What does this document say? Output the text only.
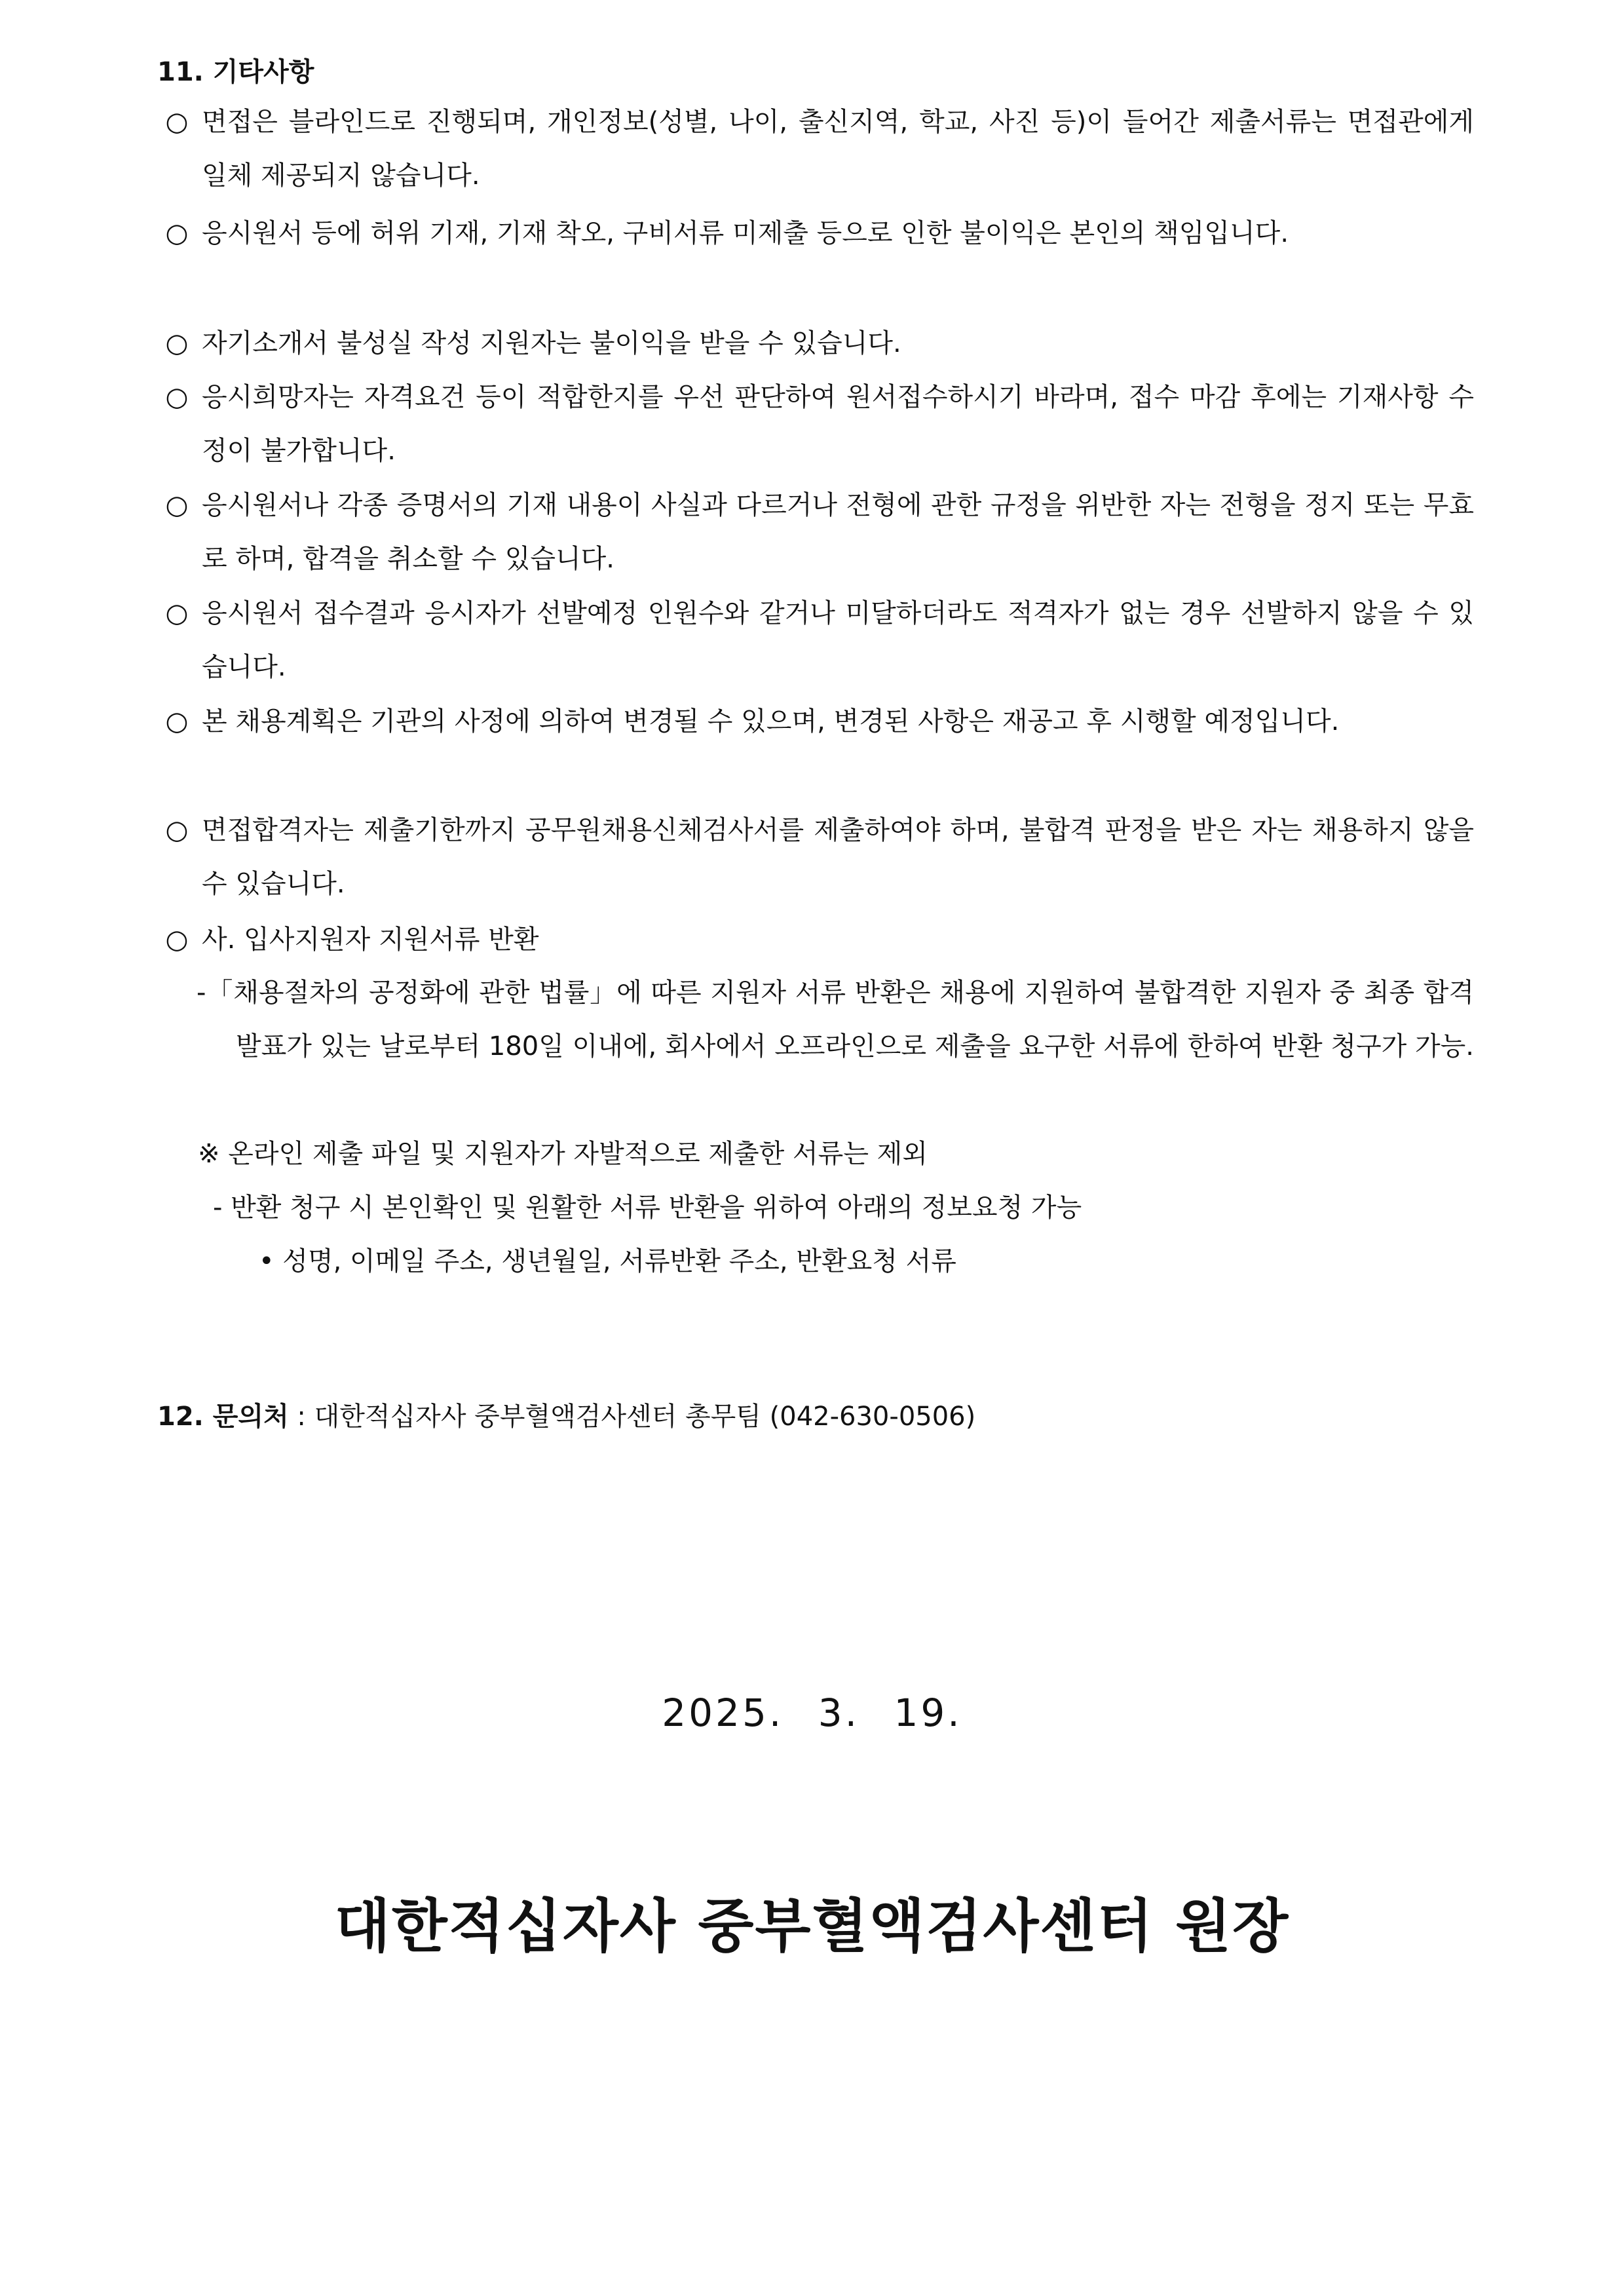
11. 기타사항
○ 면접은 블라인드로 진행되며, 개인정보(성별, 나이, 출신지역, 학교, 사진 등)이 들어간 제출서류는 면접관에게 일체 제공되지 않습니다.
○ 응시원서 등에 허위 기재, 기재 착오, 구비서류 미제출 등으로 인한 불이익은 본인의 책임입니다.
○ 자기소개서 불성실 작성 지원자는 불이익을 받을 수 있습니다.
○ 응시희망자는 자격요건 등이 적합한지를 우선 판단하여 원서접수하시기 바라며, 접수 마감 후에는 기재사항 수정이 불가합니다.
○ 응시원서나 각종 증명서의 기재 내용이 사실과 다르거나 전형에 관한 규정을 위반한 자는 전형을 정지 또는 무효로 하며, 합격을 취소할 수 있습니다.
○ 응시원서 접수결과 응시자가 선발예정 인원수와 같거나 미달하더라도 적격자가 없는 경우 선발하지 않을 수 있습니다.
○ 본 채용계획은 기관의 사정에 의하여 변경될 수 있으며, 변경된 사항은 재공고 후 시행할 예정입니다.
○ 면접합격자는 제출기한까지 공무원채용신체검사서를 제출하여야 하며, 불합격 판정을 받은 자는 채용하지 않을 수 있습니다.
○ 사. 입사지원자 지원서류 반환
-「채용절차의 공정화에 관한 법률」에 따른 지원자 서류 반환은 채용에 지원하여 불합격한 지원자 중 최종 합격 발표가 있는 날로부터 180일 이내에, 회사에서 오프라인으로 제출을 요구한 서류에 한하여 반환 청구가 가능.
※ 온라인 제출 파일 및 지원자가 자발적으로 제출한 서류는 제외
- 반환 청구 시 본인확인 및 원활한 서류 반환을 위하여 아래의 정보요청 가능
• 성명, 이메일 주소, 생년월일, 서류반환 주소, 반환요청 서류
12. 문의처 : 대한적십자사 중부혈액검사센터 총무팀 (042-630-0506)
2025. 3. 19.
대한적십자사 중부혈액검사센터 원장
